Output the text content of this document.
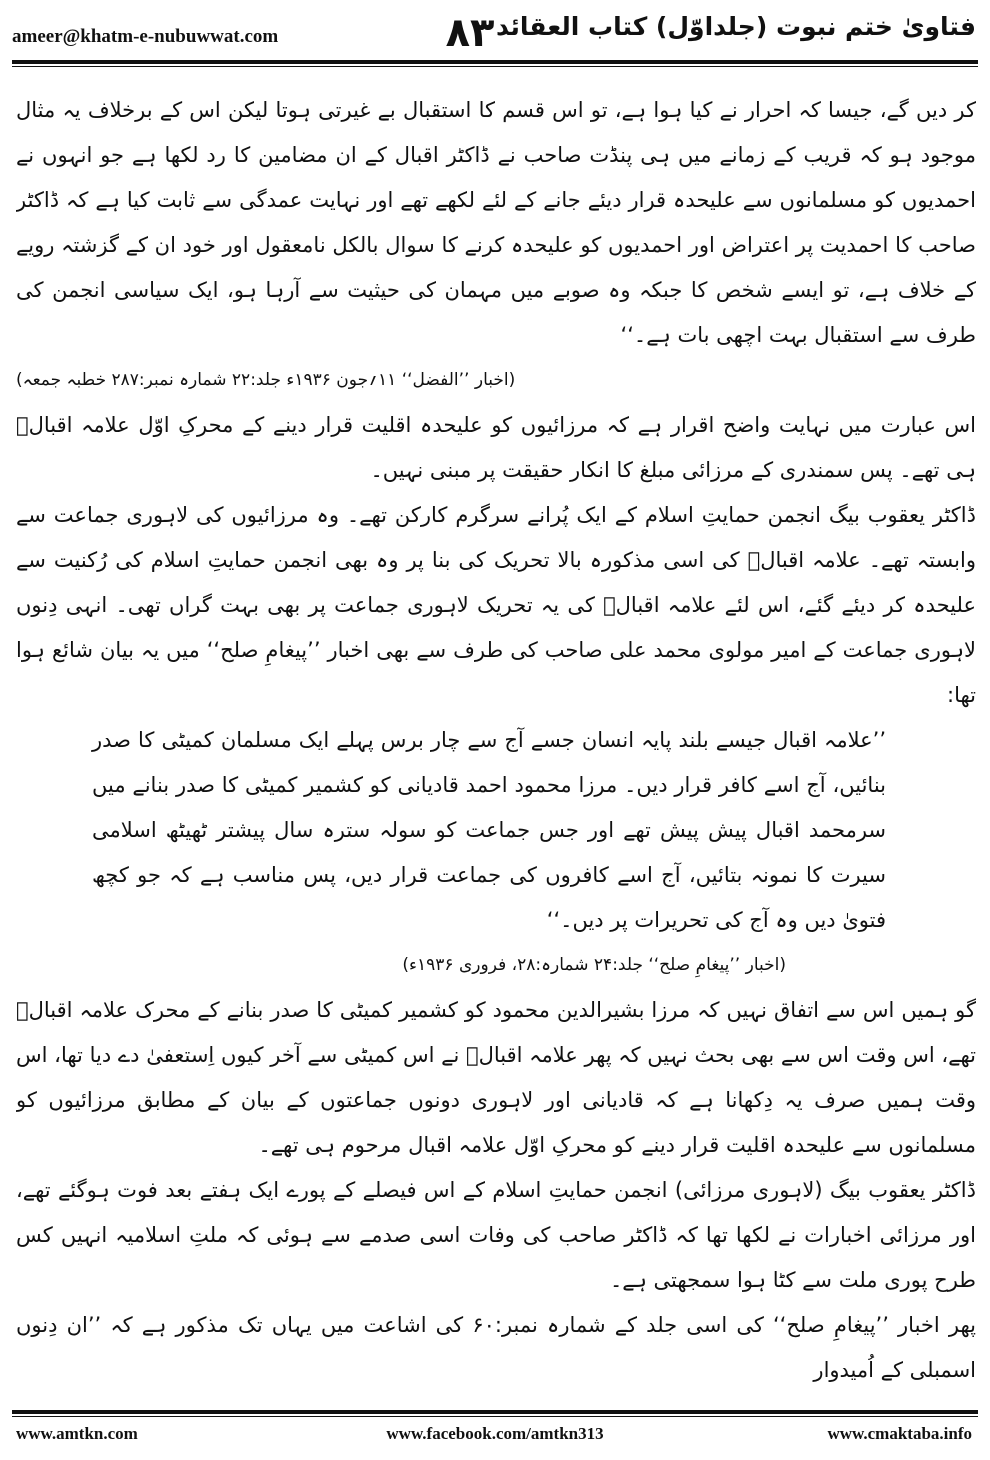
ameer@khatm-e-nubuwwat.com	۸۳ فتاویٰ ختم نبوت (جلداوّل) کتاب العقائد

کر دیں گے، جیسا کہ احرار نے کیا ہوا ہے، تو اس قسم کا استقبال بے غیرتی ہوتا لیکن اس کے برخلاف یہ مثال موجود ہو کہ قریب کے زمانے میں ہی پنڈت صاحب نے ڈاکٹر اقبال کے ان مضامین کا رد لکھا ہے جو انہوں نے احمدیوں کو مسلمانوں سے علیحدہ قرار دیئے جانے کے لئے لکھے تھے اور نہایت عمدگی سے ثابت کیا ہے کہ ڈاکٹر صاحب کا احمدیت پر اعتراض اور احمدیوں کو علیحدہ کرنے کا سوال بالکل نامعقول اور خود ان کے گزشتہ رویے کے خلاف ہے، تو ایسے شخص کا جبکہ وہ صوبے میں مہمان کی حیثیت سے آرہا ہو، ایک سیاسی انجمن کی طرف سے استقبال بہت اچھی بات ہے۔‘‘

(اخبار ’’الفضل‘‘ ۱۱؍جون ۱۹۳۶ء جلد:۲۲ شمارہ نمبر:۲۸۷ خطبہ جمعہ)

اس عبارت میں نہایت واضح اقرار ہے کہ مرزائیوں کو علیحدہ اقلیت قرار دینے کے محرکِ اوّل علامہ اقبالؒ ہی تھے۔ پس سمندری کے مرزائی مبلغ کا انکار حقیقت پر مبنی نہیں۔

ڈاکٹر یعقوب بیگ انجمن حمایتِ اسلام کے ایک پُرانے سرگرم کارکن تھے۔ وہ مرزائیوں کی لاہوری جماعت سے وابستہ تھے۔ علامہ اقبالؒ کی اسی مذکورہ بالا تحریک کی بنا پر وہ بھی انجمن حمایتِ اسلام کی رُکنیت سے علیحدہ کر دیئے گئے، اس لئے علامہ اقبالؒ کی یہ تحریک لاہوری جماعت پر بھی بہت گراں تھی۔ انہی دِنوں لاہوری جماعت کے امیر مولوی محمد علی صاحب کی طرف سے بھی اخبار ’’پیغامِ صلح‘‘ میں یہ بیان شائع ہوا تھا:

’’علامہ اقبال جیسے بلند پایہ انسان جسے آج سے چار برس پہلے ایک مسلمان کمیٹی کا صدر بنائیں، آج اسے کافر قرار دیں۔ مرزا محمود احمد قادیانی کو کشمیر کمیٹی کا صدر بنانے میں سرمحمد اقبال پیش پیش تھے اور جس جماعت کو سولہ سترہ سال پیشتر ٹھیٹھ اسلامی سیرت کا نمونہ بتائیں، آج اسے کافروں کی جماعت قرار دیں، پس مناسب ہے کہ جو کچھ فتویٰ دیں وہ آج کی تحریرات پر دیں۔‘‘

(اخبار ’’پیغامِ صلح‘‘ جلد:۲۴ شمارہ:۲۸، فروری ۱۹۳۶ء)

گو ہمیں اس سے اتفاق نہیں کہ مرزا بشیرالدین محمود کو کشمیر کمیٹی کا صدر بنانے کے محرک علامہ اقبالؒ تھے، اس وقت اس سے بھی بحث نہیں کہ پھر علامہ اقبالؒ نے اس کمیٹی سے آخر کیوں اِستعفیٰ دے دیا تھا، اس وقت ہمیں صرف یہ دِکھانا ہے کہ قادیانی اور لاہوری دونوں جماعتوں کے بیان کے مطابق مرزائیوں کو مسلمانوں سے علیحدہ اقلیت قرار دینے کو محرکِ اوّل علامہ اقبال مرحوم ہی تھے۔

ڈاکٹر یعقوب بیگ (لاہوری مرزائی) انجمن حمایتِ اسلام کے اس فیصلے کے پورے ایک ہفتے بعد فوت ہوگئے تھے، اور مرزائی اخبارات نے لکھا تھا کہ ڈاکٹر صاحب کی وفات اسی صدمے سے ہوئی کہ ملتِ اسلامیہ انہیں کس طرح پوری ملت سے کٹا ہوا سمجھتی ہے۔

پھر اخبار ’’پیغامِ صلح‘‘ کی اسی جلد کے شمارہ نمبر:۶۰ کی اشاعت میں یہاں تک مذکور ہے کہ ’’ان دِنوں اسمبلی کے اُمیدوار

www.amtkn.com	www.facebook.com/amtkn313	www.cmaktaba.info
